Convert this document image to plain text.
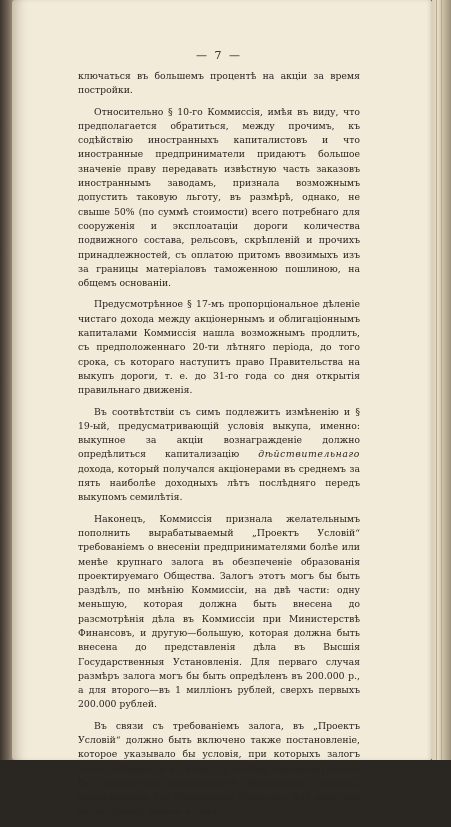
— 7 —

ключаться въ большемъ процентѣ на акціи за время постройки.

Относительно § 10-го Коммиссія, имѣя въ виду, что предполагается обратиться, между прочимъ, къ содѣйствію иностранныхъ капиталистовъ и что иностранные предприниматели придаютъ большое значеніе праву передавать извѣстную часть заказовъ иностраннымъ заводамъ, признала возможнымъ допустить таковую льготу, въ размѣрѣ, однако, не свыше 50% (по суммѣ стоимости) всего потребнаго для сооруженія и эксплоатаціи дороги количества подвижного состава, рельсовъ, скрѣпленій и прочихъ принадлежностей, съ оплатою притомъ ввозимыхъ изъ за границы матеріаловъ таможенною пошлиною, на общемъ основаніи.

Предусмотрѣнное § 17-мъ пропорціональное дѣленіе чистаго дохода между акціонернымъ и облигаціоннымъ капиталами Коммиссія нашла возможнымъ продлить, съ предположеннаго 20-ти лѣтняго періода, до того срока, съ котораго наступитъ право Правительства на выкупъ дороги, т. е. до 31-го года со дня открытія правильнаго движенія.

Въ соотвѣтствіи съ симъ подлежитъ измѣненію и § 19-ый, предусматривающій условія выкупа, именно: выкупное за акціи вознагражденіе должно опредѣлиться капитализацію дѣйствительнаго дохода, который получался акціонерами въ среднемъ за пять наиболѣе доходныхъ лѣтъ послѣдняго передъ выкупомъ семилѣтія.

Наконецъ, Коммиссія признала желательнымъ пополнить вырабатываемый „Проектъ Условій“ требованіемъ о внесеніи предпринимателями болѣе или менѣе крупнаго залога въ обезпеченіе образованія проектируемаго Общества. Залогъ этотъ могъ бы быть раздѣлъ, по мнѣнію Коммиссіи, на двѣ части: одну меньшую, которая должна быть внесена до разсмотрѣнія дѣла въ Коммиссіи при Министерствѣ Финансовъ, и другую—большую, которая должна быть внесена до представленія дѣла въ Высшія Государственныя Установленія. Для перваго случая размѣръ залога могъ бы быть опредѣленъ въ 200.000 р., а для второго—въ 1 милліонъ рублей, сверхъ первыхъ 200.000 рублей.

Въ связи съ требованіемъ залога, въ „Проектъ Условій“ должно быть включено также постановленіе, которое указывало бы условія, при которыхъ залогъ этотъ отбирается въ казну, и вообще предусматривало бы послѣдствія несоблюденія Обществомъ сроковъ, назначаемыхъ для образованія Общества, для приступа къ постройкѣ дороги и проч.
